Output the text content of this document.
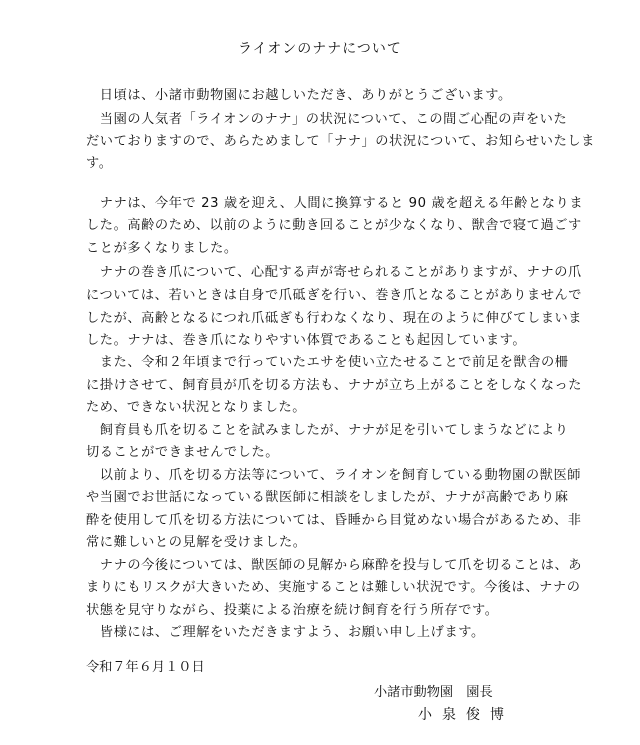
ライオンのナナについて
　日頃は、小諸市動物園にお越しいただき、ありがとうございます。
　当園の人気者「ライオンのナナ」の状況について、この間ご心配の声をいた
だいておりますので、あらためまして「ナナ」の状況について、お知らせいたしま
す。
　ナナは、今年で 23 歳を迎え、人間に換算すると 90 歳を超える年齢となりま
した。高齢のため、以前のように動き回ることが少なくなり、獣舎で寝て過ごす
ことが多くなりました。
　ナナの巻き爪について、心配する声が寄せられることがありますが、ナナの爪
については、若いときは自身で爪砥ぎを行い、巻き爪となることがありませんで
したが、高齢となるにつれ爪砥ぎも行わなくなり、現在のように伸びてしまいま
した。ナナは、巻き爪になりやすい体質であることも起因しています。
　また、令和２年頃まで行っていたエサを使い立たせることで前足を獣舎の柵
に掛けさせて、飼育員が爪を切る方法も、ナナが立ち上がることをしなくなった
ため、できない状況となりました。
　飼育員も爪を切ることを試みましたが、ナナが足を引いてしまうなどにより
切ることができませんでした。
　以前より、爪を切る方法等について、ライオンを飼育している動物園の獣医師
や当園でお世話になっている獣医師に相談をしましたが、ナナが高齢であり麻
酔を使用して爪を切る方法については、昏睡から目覚めない場合があるため、非
常に難しいとの見解を受けました。
　ナナの今後については、獣医師の見解から麻酔を投与して爪を切ることは、あ
まりにもリスクが大きいため、実施することは難しい状況です。今後は、ナナの
状態を見守りながら、投薬による治療を続け飼育を行う所存です。
　皆様には、ご理解をいただきますよう、お願い申し上げます。
令和７年６月１０日
小諸市動物園　園長
小泉俊博
